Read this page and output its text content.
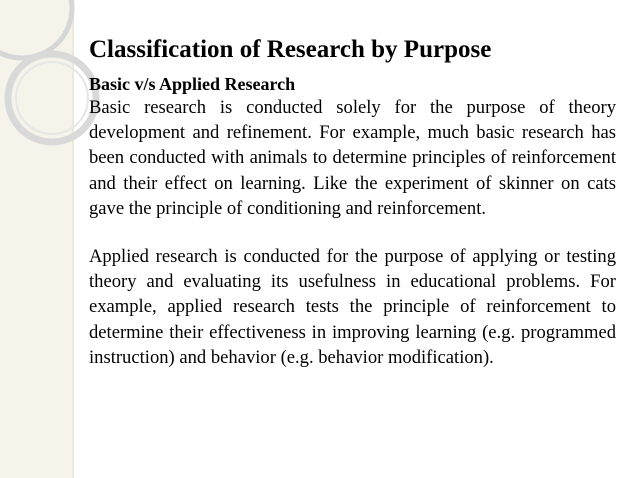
Classification of Research by Purpose
Basic v/s Applied Research

Basic research is conducted solely for the purpose of theory development and refinement. For example, much basic research has been conducted with animals to determine principles of reinforcement and their effect on learning. Like the experiment of skinner on cats gave the principle of conditioning and reinforcement.

Applied research is conducted for the purpose of applying or testing theory and evaluating its usefulness in educational problems. For example, applied research tests the principle of reinforcement to determine their effectiveness in improving learning (e.g. programmed instruction) and behavior (e.g. behavior modification).
